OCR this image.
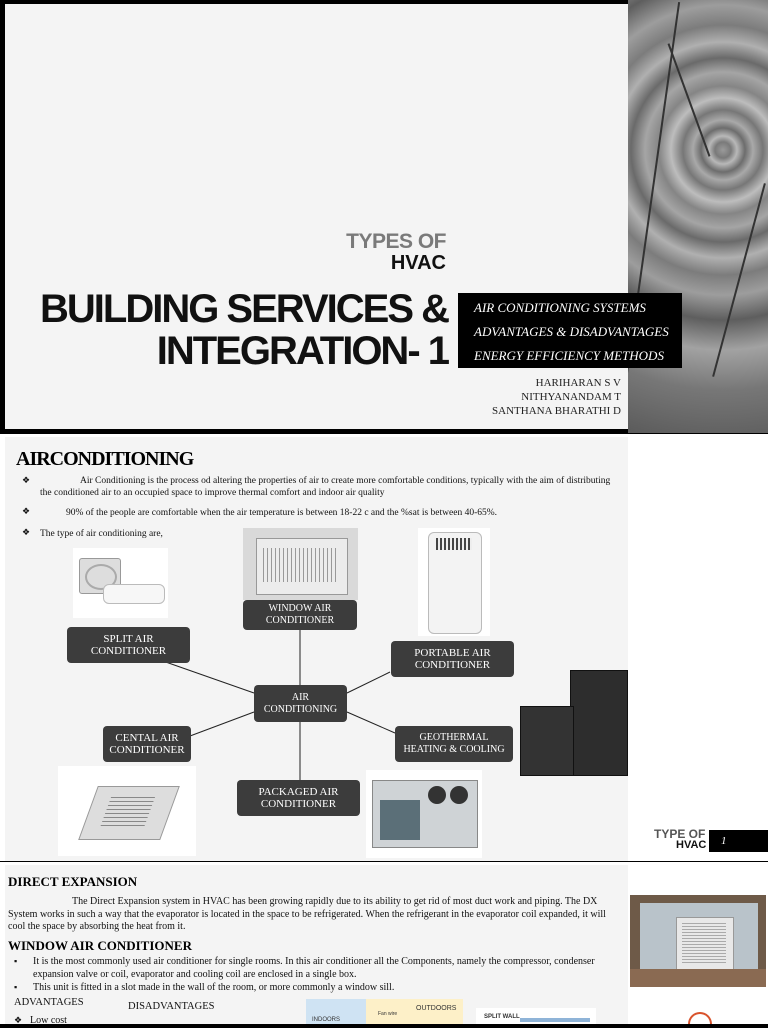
TYPES OF
HVAC
BUILDING SERVICES &
INTEGRATION- 1
AIR CONDITIONING SYSTEMS
ADVANTAGES & DISADVANTAGES
ENERGY EFFICIENCY METHODS
HARIHARAN S V
NITHYANANDAM T
SANTHANA BHARATHI D
AIRCONDITIONING
❖	Air Conditioning is the process od altering the properties of air to create more comfortable conditions, typically with the aim of distributing the conditioned air to an occupied space to improve thermal comfort and indoor air quality
❖	90% of the people are comfortable when the air temperature is between 18-22 c and the %sat is between 40-65%.
❖ The type of air conditioning are,
WINDOW AIR CONDITIONER
SPLIT AIR CONDITIONER	PORTABLE AIR CONDITIONER
AIR CONDITIONING
CENTAL AIR CONDITIONER
GEOTHERMAL HEATING & COOLING
PACKAGED AIR CONDITIONER
TYPE OF
HVAC	1
DIRECT EXPANSION
The Direct Expansion system in HVAC has been growing rapidly due to its ability to get rid of most duct work and piping. The DX System works in such a way that the evaporator is located in the space to be refrigerated. When the refrigerant in the evaporator coil expanded, it will cool the space by absorbing the heat from it.
WINDOW AIR CONDITIONER
▪ It is the most commonly used air conditioner for single rooms. In this air conditioner all the Components, namely the compressor, condenser expansion valve or coil, evaporator and cooling coil are enclosed in a single box.
▪ This unit is fitted in a slot made in the wall of the room, or more commonly a window sill.
ADVANTAGES	DISADVANTAGES
❖ Low cost	INDOORS
Fan wire
OUTDOORS
SPLIT WALL
